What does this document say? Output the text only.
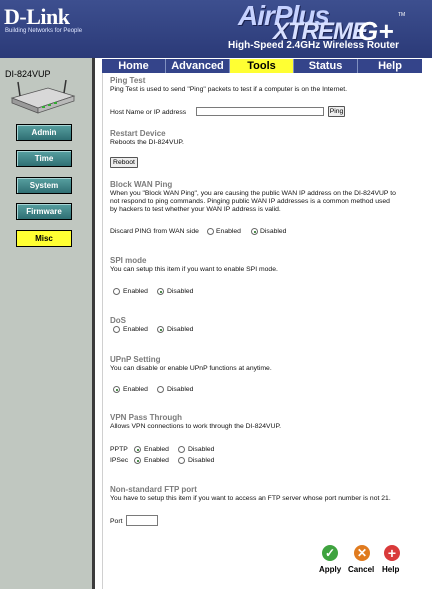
D-Link
Building Networks for People	AirPlus
XTREME
G+
TM
High-Speed 2.4GHz Wireless Router
DI-824VUP
Admin
Time
System
Firmware
Misc
Home	Advanced	Tools	Status	Help
Ping Test
Ping Test is used to send "Ping" packets to test if a computer is on the Internet.
Host Name or IP address	Ping
Restart Device
Reboots the DI-824VUP.
Reboot
Block WAN Ping
When you "Block WAN Ping", you are causing the public WAN IP address on the DI-824VUP to
not respond to ping commands. Pinging public WAN IP addresses is a common method used
by hackers to test whether your WAN IP address is valid.
Discard PING from WAN side	Enabled	Disabled
SPI mode
You can setup this item if you want to enable SPI mode.
Enabled	Disabled
DoS
Enabled	Disabled
UPnP Setting
You can disable or enable UPnP functions at anytime.
Enabled	Disabled
VPN Pass Through
Allows VPN connections to work through the DI-824VUP.
PPTP Enabled	Disabled
IPSec Enabled	Disabled
Non-standard FTP port
You have to setup this item if you want to access an FTP server whose port number is not 21.
Port
✓
Apply
✕
Cancel
+
Help
